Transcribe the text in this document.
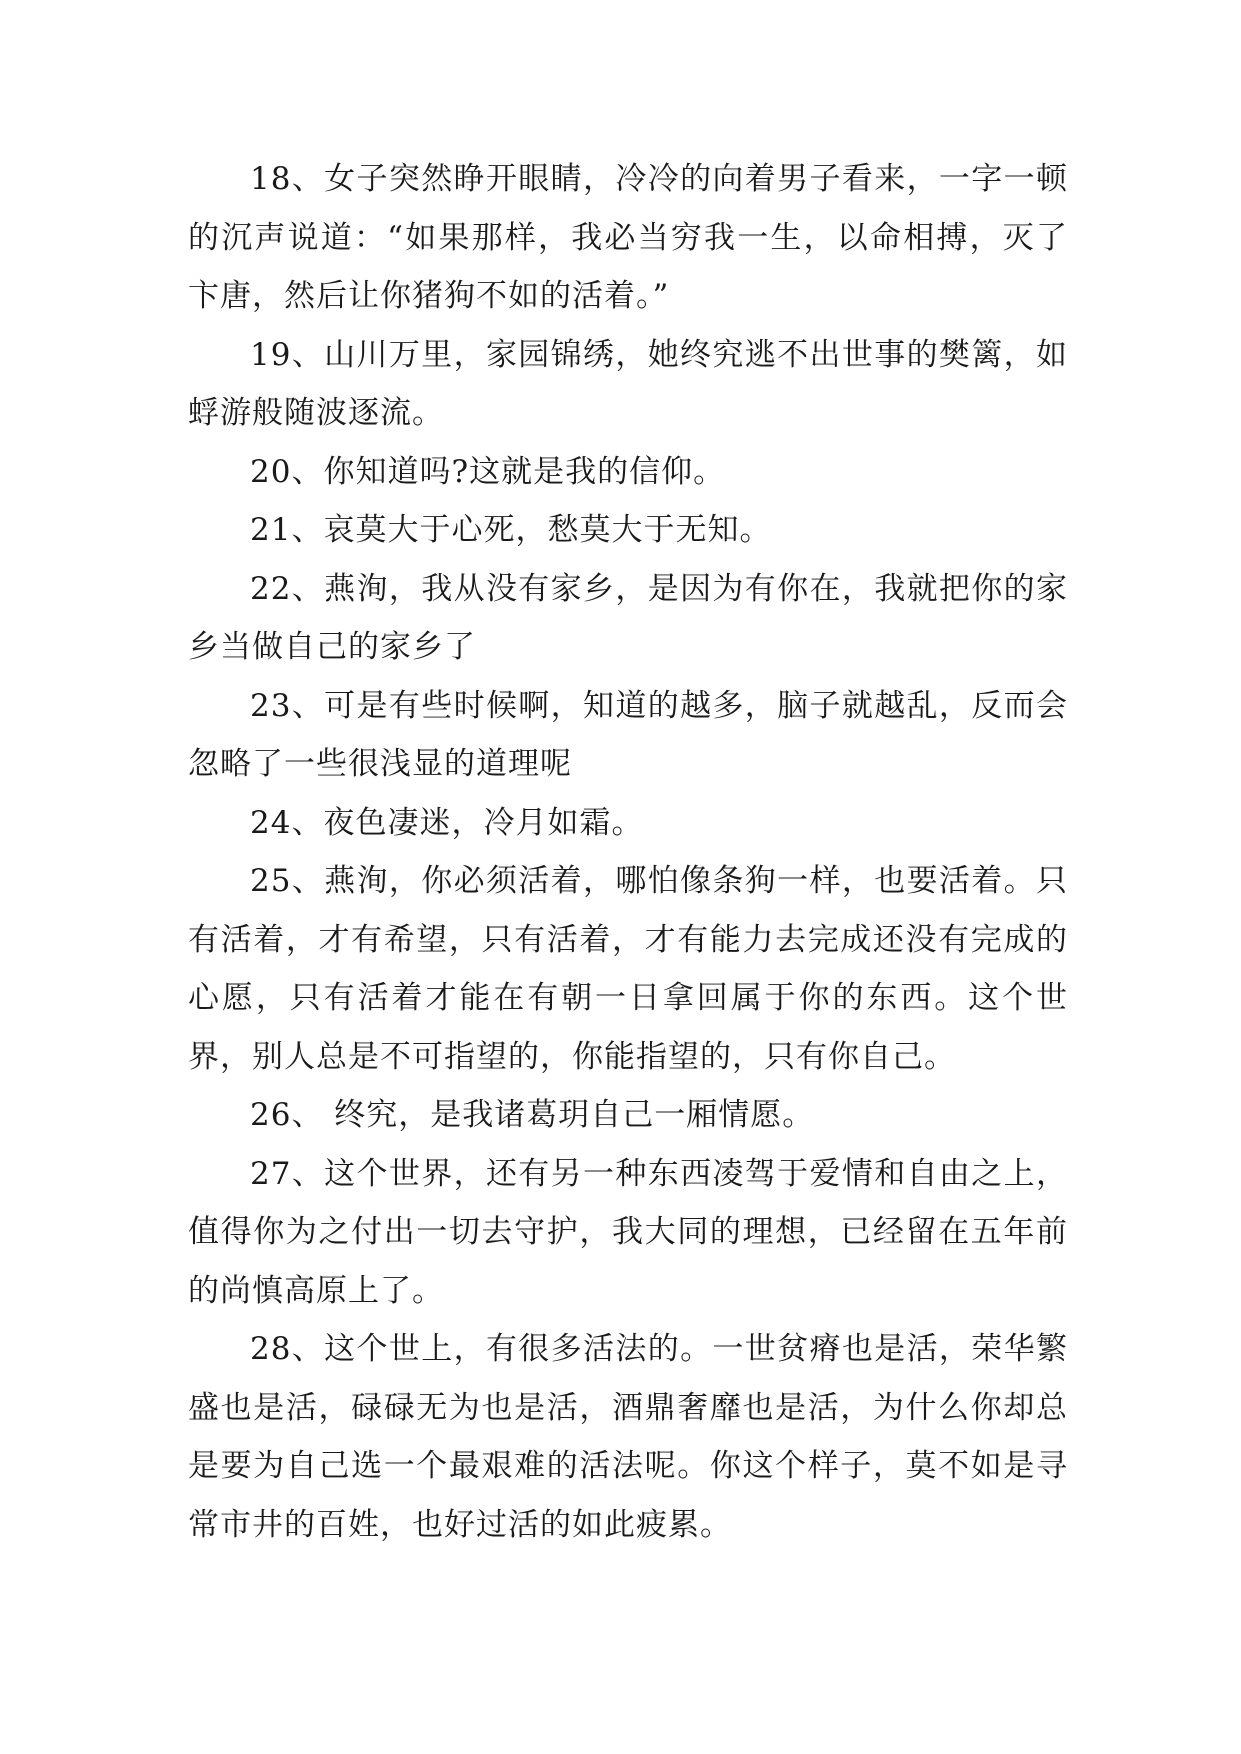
18、女子突然睁开眼睛，冷冷的向着男子看来，一字一顿的沉声说道：“如果那样，我必当穷我一生，以命相搏，灭了卞唐，然后让你猪狗不如的活着。”

19、山川万里，家园锦绣，她终究逃不出世事的樊篱，如蜉游般随波逐流。

20、你知道吗?这就是我的信仰。

21、哀莫大于心死，愁莫大于无知。

22、燕洵，我从没有家乡，是因为有你在，我就把你的家乡当做自己的家乡了

23、可是有些时候啊，知道的越多，脑子就越乱，反而会忽略了一些很浅显的道理呢

24、夜色凄迷，冷月如霜。

25、燕洵，你必须活着，哪怕像条狗一样，也要活着。只有活着，才有希望，只有活着，才有能力去完成还没有完成的心愿，只有活着才能在有朝一日拿回属于你的东西。这个世界，别人总是不可指望的，你能指望的，只有你自己。

26、 终究，是我诸葛玥自己一厢情愿。

27、这个世界，还有另一种东西凌驾于爱情和自由之上，值得你为之付出一切去守护，我大同的理想，已经留在五年前的尚慎高原上了。

28、这个世上，有很多活法的。一世贫瘠也是活，荣华繁盛也是活，碌碌无为也是活，酒鼎奢靡也是活，为什么你却总是要为自己选一个最艰难的活法呢。你这个样子，莫不如是寻常市井的百姓，也好过活的如此疲累。
